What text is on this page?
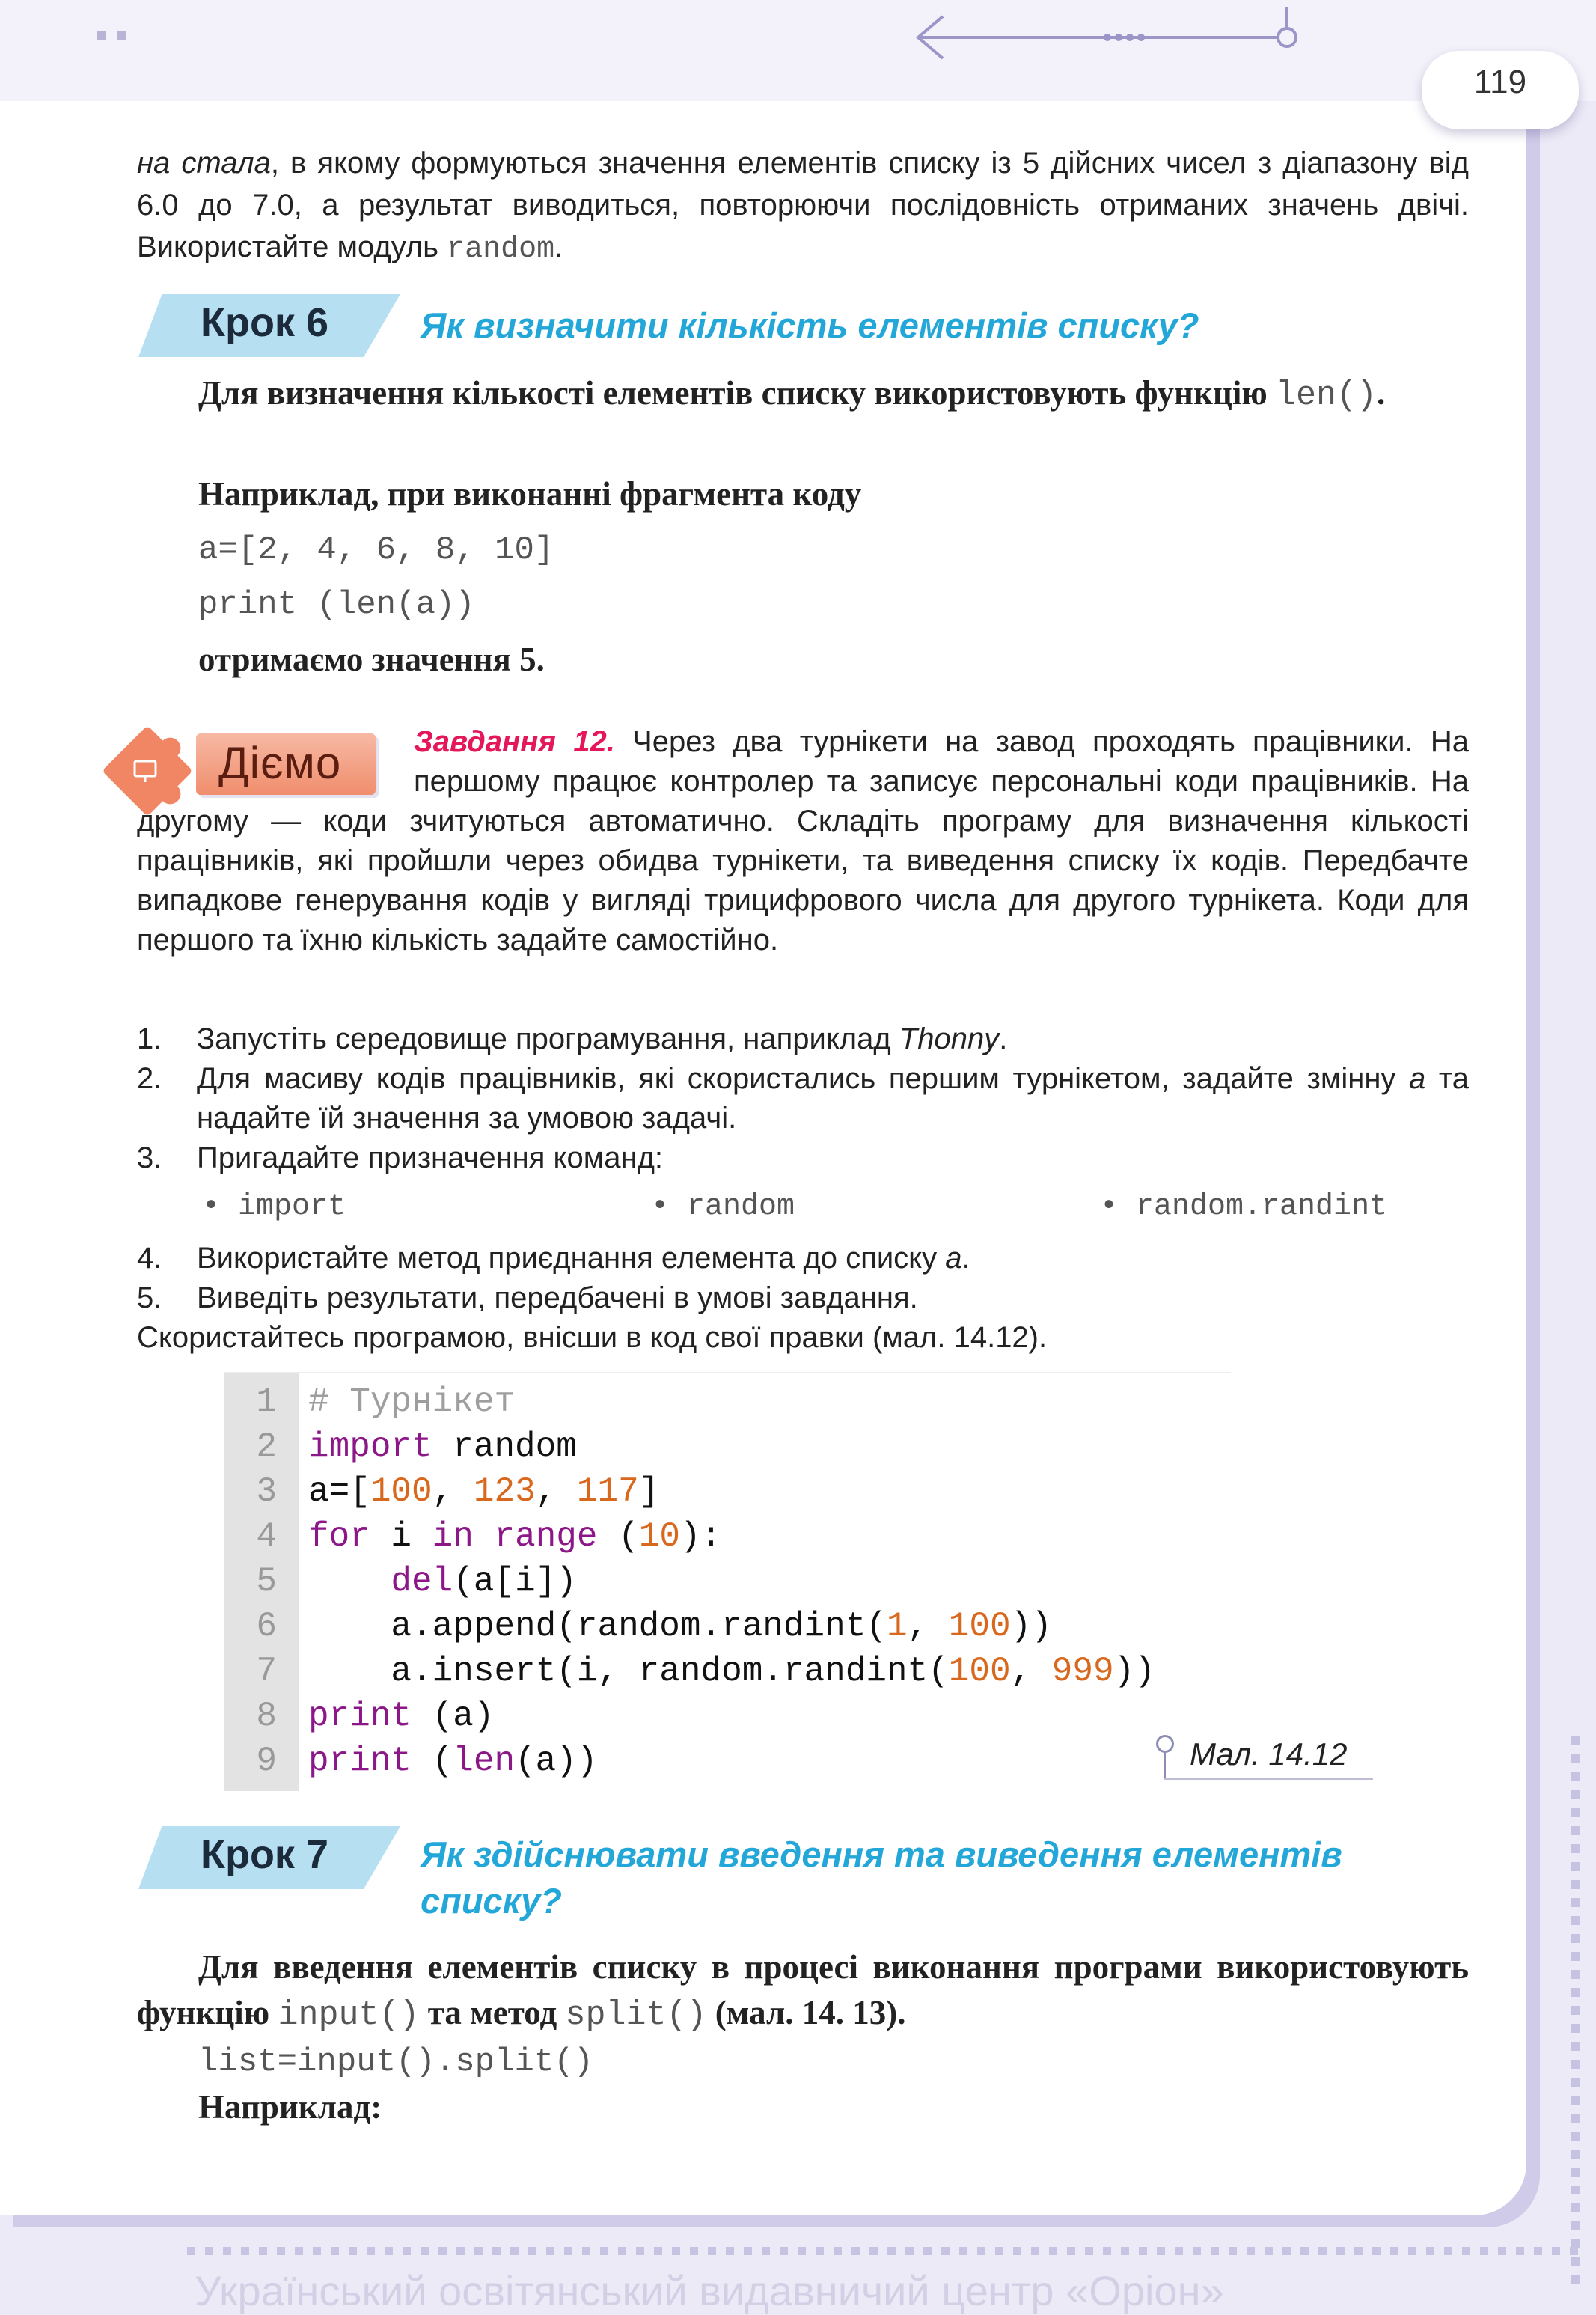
119
на стала, в якому формуються значення елементів списку із 5 дійсних чисел з діапазону від 6.0 до 7.0, а результат виводиться, повторюючи послідовність отриманих значень двічі. Використайте модуль random.
Крок 6	Як визначити кількість елементів списку?
Для визначення кількості елементів списку використовують функцію len().
Наприклад, при виконанні фрагмента коду
a=[2, 4, 6, 8, 10]
print (len(a))
отримаємо значення 5.
Діємо	Завдання 12. Через два турнікети на завод проходять працівники. На першому працює контролер та записує персональні коди працівників. На другому — коди зчитуються автоматично. Складіть програму для визначення кількості працівників, які пройшли через обидва турнікети, та виведення списку їх кодів. Передбачте випадкове генерування кодів у вигляді трицифрового числа для другого турнікета. Коди для першого та їхню кількість задайте самостійно.
1. Запустіть середовище програмування, наприклад Thonny.
2. Для масиву кодів працівників, які скористались першим турнікетом, задайте змінну а та надайте їй значення за умовою задачі.
3. Пригадайте призначення команд:
• import	• random	• random.randint
4. Використайте метод приєднання елемента до списку а.
5. Виведіть результати, передбачені в умові завдання.
Скористайтесь програмою, внісши в код свої правки (мал. 14.12).
1 # Турнікет
2 import random
3 a=[100, 123, 117]
4 for i in range (10):
5	del(a[i])
6 a.append(random.randint(1, 100))
7 a.insert(i, random.randint(100, 999))
8 print (a)
9 print (len(a))	Мал. 14.12
Крок 7	Як здійснювати введення та виведення елементів
списку?
Для введення елементів списку в процесі виконання програми використовують функцію input() та метод split() (мал. 14. 13).
list=input().split()
Наприклад:
Український освітянський видавничий центр «Оріон»
